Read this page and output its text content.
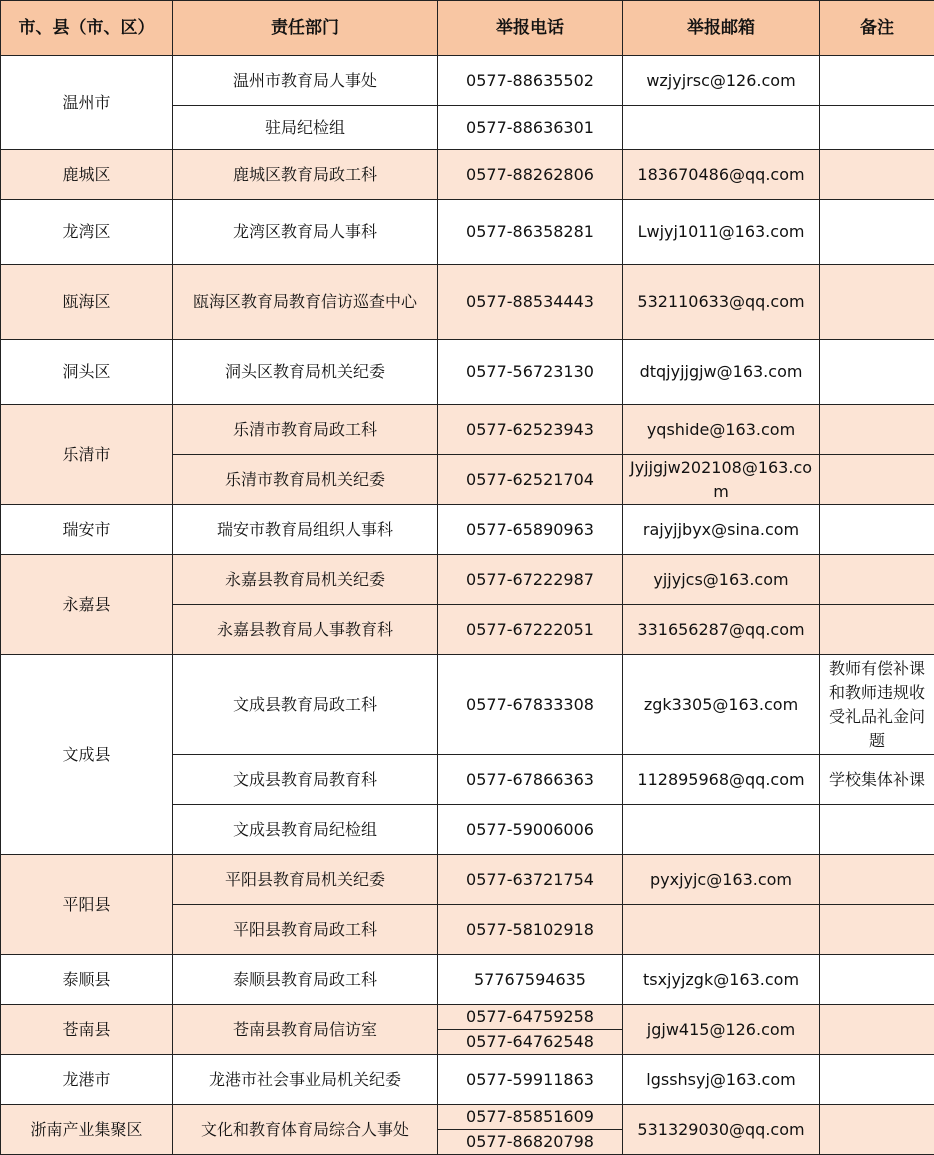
市、县（市、区）	责任部门	举报电话	举报邮箱	备注
温州市	温州市教育局人事处	0577-88635502	wzjyjrsc@126.com	
	驻局纪检组	0577-88636301		
鹿城区	鹿城区教育局政工科	0577-88262806	183670486@qq.com	
龙湾区	龙湾区教育局人事科	0577-86358281	Lwjyj1011@163.com	
瓯海区	瓯海区教育局教育信访巡查中心	0577-88534443	532110633@qq.com	
洞头区	洞头区教育局机关纪委	0577-56723130	dtqjyjjgjw@163.com	
乐清市	乐清市教育局政工科	0577-62523943	yqshide@163.com	
	乐清市教育局机关纪委	0577-62521704	Jyjjgjw202108@163.com	
瑞安市	瑞安市教育局组织人事科	0577-65890963	rajyjjbyx@sina.com	
永嘉县	永嘉县教育局机关纪委	0577-67222987	yjjyjcs@163.com	
	永嘉县教育局人事教育科	0577-67222051	331656287@qq.com	
文成县	文成县教育局政工科	0577-67833308	zgk3305@163.com	教师有偿补课和教师违规收受礼品礼金问题
	文成县教育局教育科	0577-67866363	112895968@qq.com	学校集体补课
	文成县教育局纪检组	0577-59006006		
平阳县	平阳县教育局机关纪委	0577-63721754	pyxjyjc@163.com	
	平阳县教育局政工科	0577-58102918		
泰顺县	泰顺县教育局政工科	57767594635	tsxjyjzgk@163.com	
苍南县	苍南县教育局信访室	0577-64759258	jgjw415@126.com	
		0577-64762548		
龙港市	龙港市社会事业局机关纪委	0577-59911863	lgsshsyj@163.com	
浙南产业集聚区	文化和教育体育局综合人事处	0577-85851609	531329030@qq.com	
		0577-86820798		
